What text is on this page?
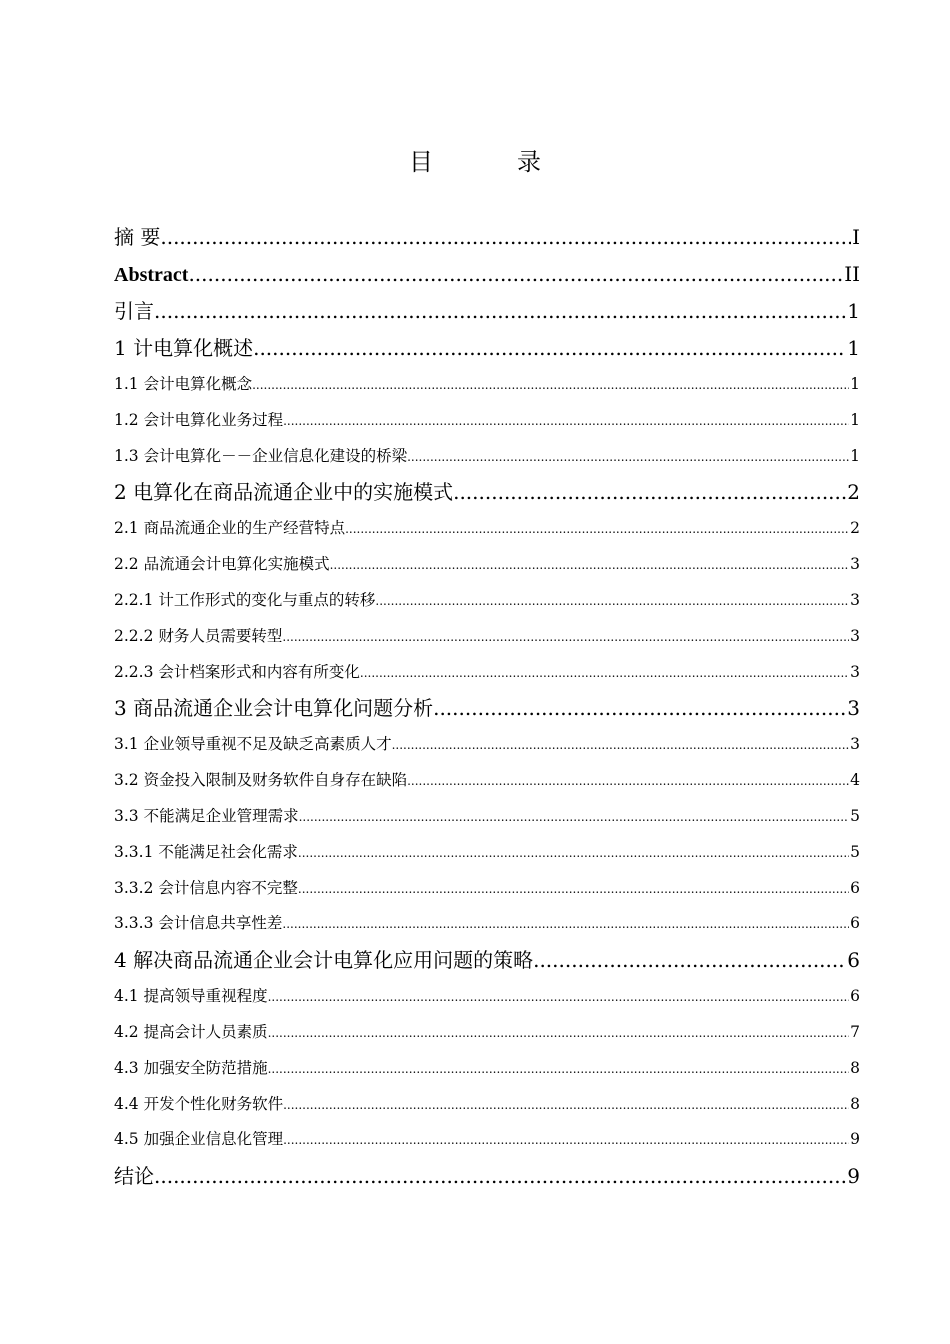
目　录
摘 要 .....	I
Abstract .....	II
引言 .....	1
1 计电算化概述 .....	1
1.1 会计电算化概念 .....	1
1.2 会计电算化业务过程 .....	1
1.3 会计电算化－－企业信息化建设的桥梁 .....	1
2 电算化在商品流通企业中的实施模式 .....	2
2.1 商品流通企业的生产经营特点 .....	2
2.2 品流通会计电算化实施模式 .....	3
2.2.1 计工作形式的变化与重点的转移 .....	3
2.2.2 财务人员需要转型 .....	3
2.2.3 会计档案形式和内容有所变化 .....	3
3 商品流通企业会计电算化问题分析 .....	3
3.1 企业领导重视不足及缺乏高素质人才 .....	3
3.2 资金投入限制及财务软件自身存在缺陷 .....	4
3.3 不能满足企业管理需求 .....	5
3.3.1 不能满足社会化需求 .....	5
3.3.2 会计信息内容不完整 .....	6
3.3.3 会计信息共享性差 .....	6
4 解决商品流通企业会计电算化应用问题的策略 .....	6
4.1 提高领导重视程度 .....	6
4.2 提高会计人员素质 .....	7
4.3 加强安全防范措施 .....	8
4.4 开发个性化财务软件 .....	8
4.5 加强企业信息化管理 .....	9
结论 .....	9
